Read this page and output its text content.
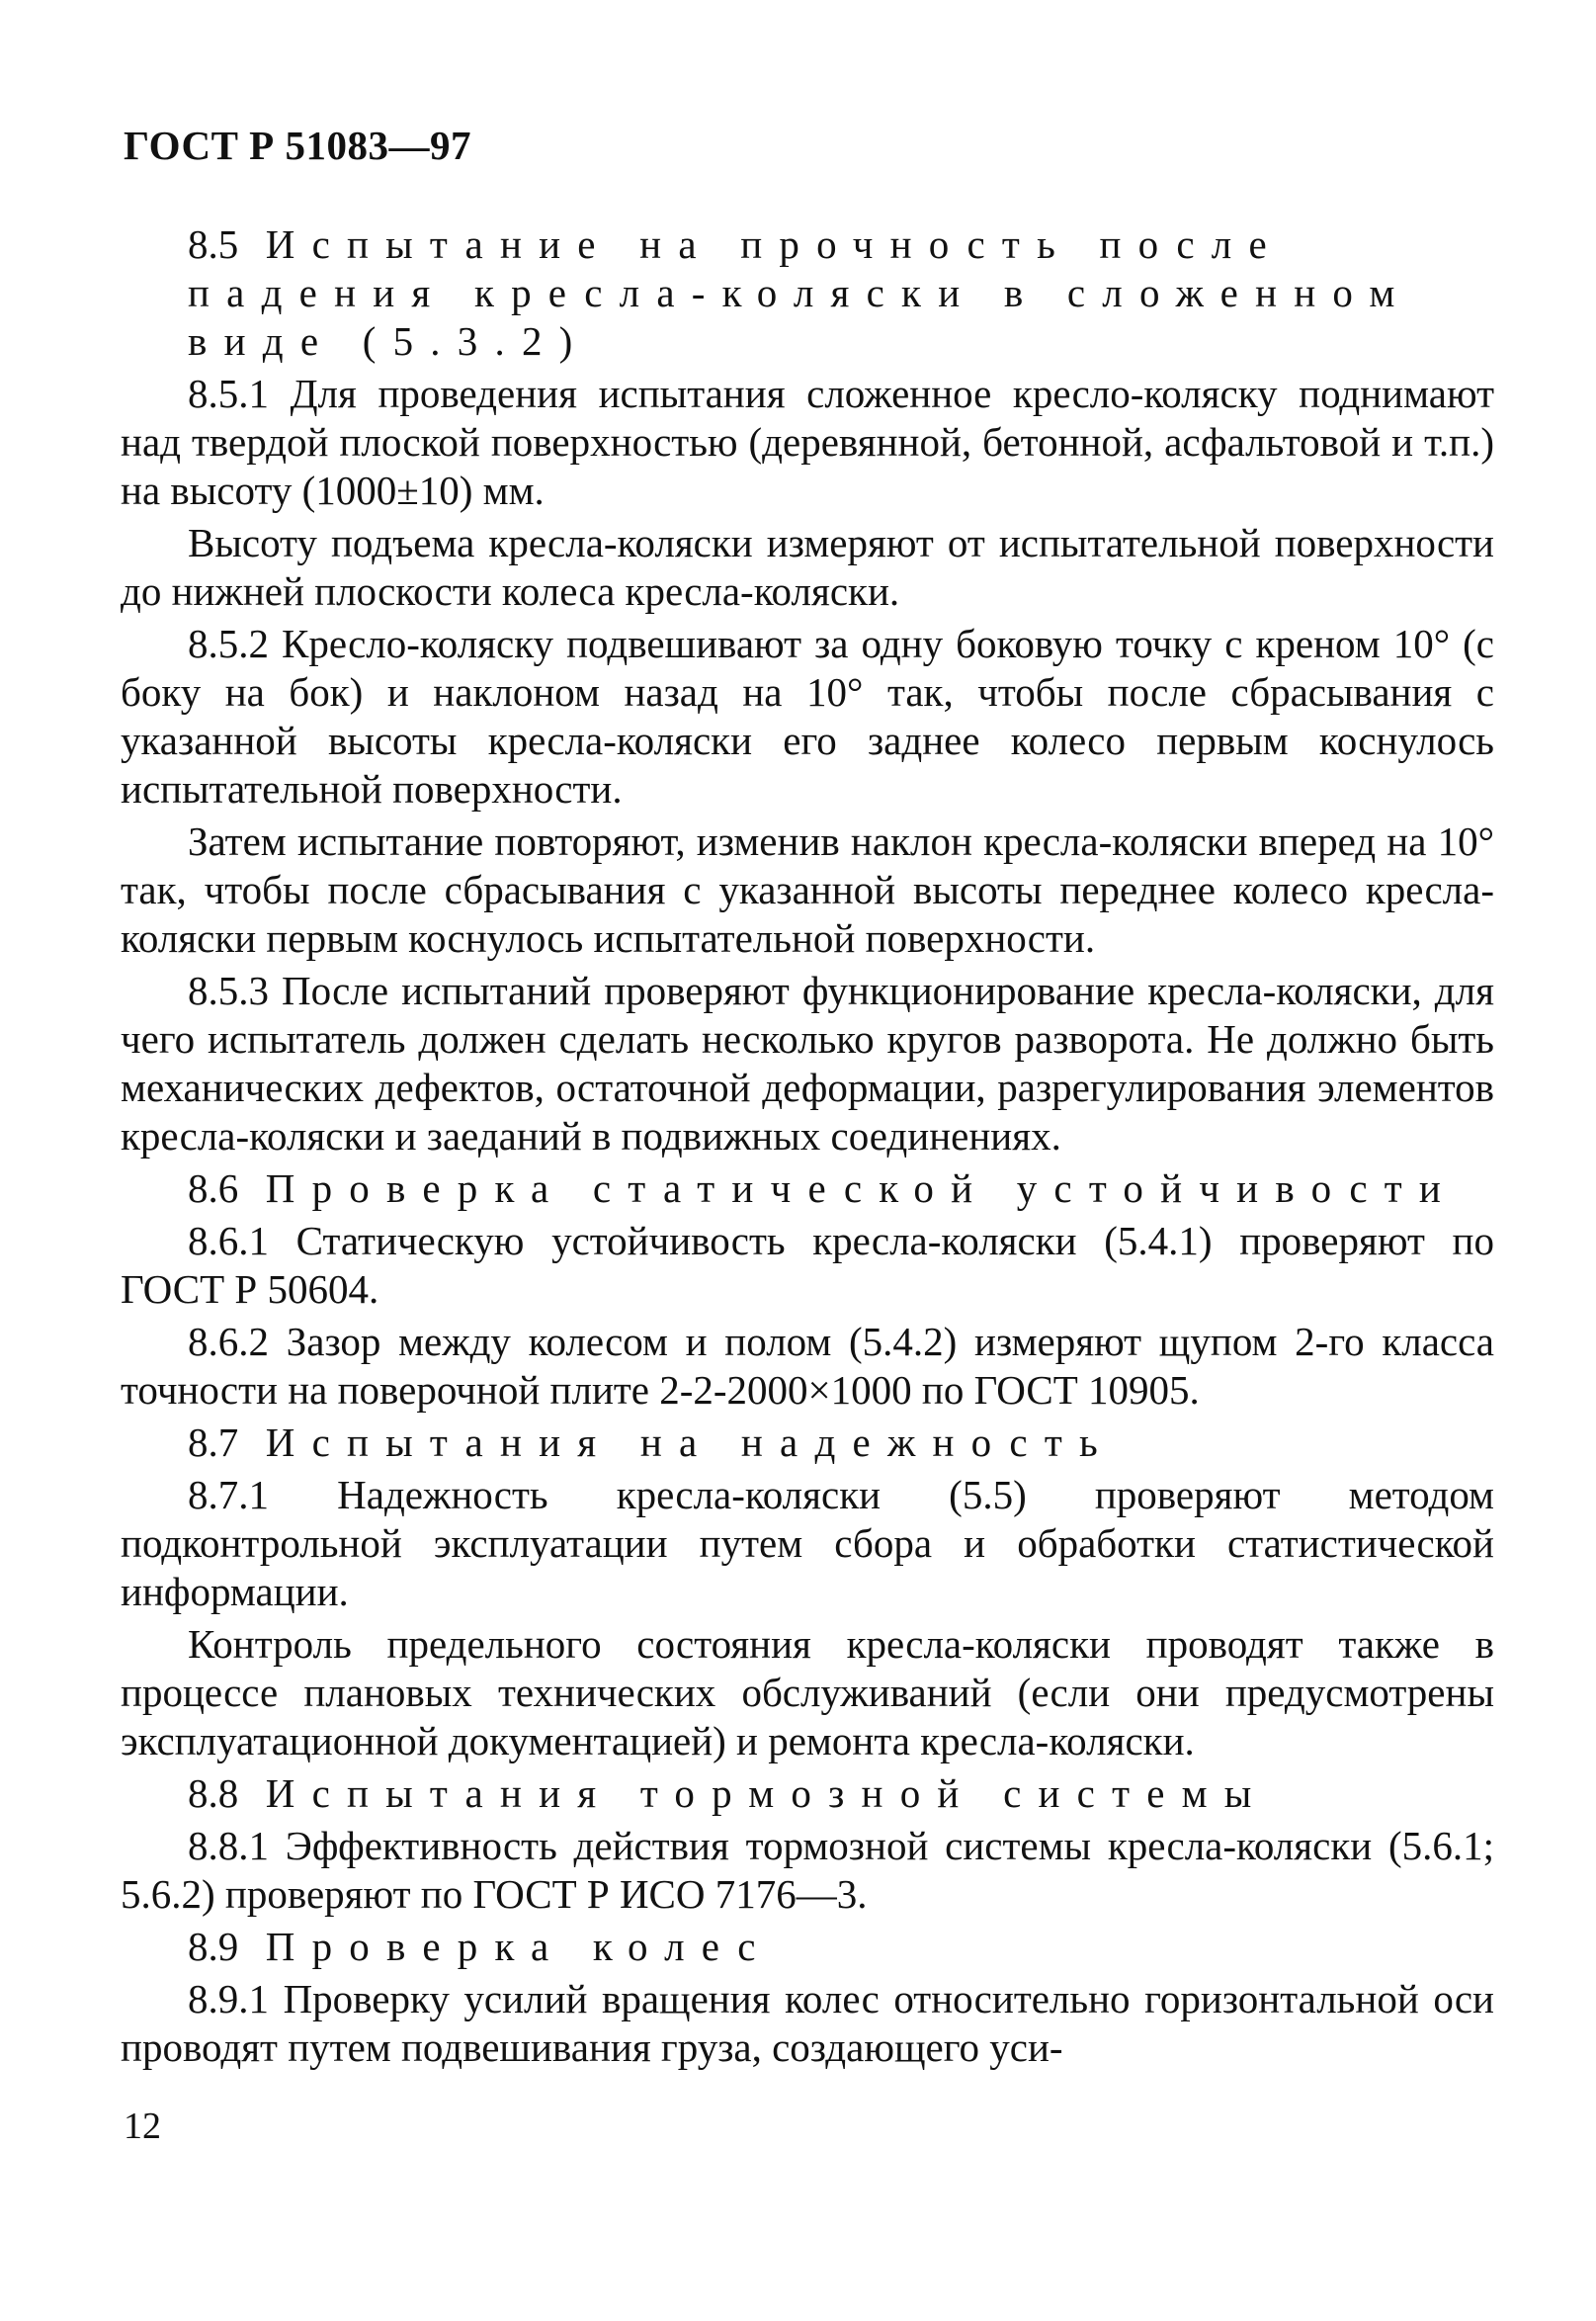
ГОСТ Р 51083—97
8.5 Испытание на прочность после падения кресла-коляски в сложенном виде (5.3.2)

8.5.1 Для проведения испытания сложенное кресло-коляску поднимают над твердой плоской поверхностью (деревянной, бетонной, асфальтовой и т.п.) на высоту (1000±10) мм.

Высоту подъема кресла-коляски измеряют от испытательной поверхности до нижней плоскости колеса кресла-коляски.

8.5.2 Кресло-коляску подвешивают за одну боковую точку с креном 10° (с боку на бок) и наклоном назад на 10° так, чтобы после сбрасывания с указанной высоты кресла-коляски его заднее колесо первым коснулось испытательной поверхности.

Затем испытание повторяют, изменив наклон кресла-коляски вперед на 10° так, чтобы после сбрасывания с указанной высоты переднее колесо кресла-коляски первым коснулось испытательной поверхности.

8.5.3 После испытаний проверяют функционирование кресла-коляски, для чего испытатель должен сделать несколько кругов разворота. Не должно быть механических дефектов, остаточной деформации, разрегулирования элементов кресла-коляски и заеданий в подвижных соединениях.

8.6 Проверка статической устойчивости

8.6.1 Статическую устойчивость кресла-коляски (5.4.1) проверяют по ГОСТ Р 50604.

8.6.2 Зазор между колесом и полом (5.4.2) измеряют щупом 2-го класса точности на поверочной плите 2-2-2000×1000 по ГОСТ 10905.

8.7 Испытания на надежность

8.7.1 Надежность кресла-коляски (5.5) проверяют методом подконтрольной эксплуатации путем сбора и обработки статистической информации.

Контроль предельного состояния кресла-коляски проводят также в процессе плановых технических обслуживаний (если они предусмотрены эксплуатационной документацией) и ремонта кресла-коляски.

8.8 Испытания тормозной системы

8.8.1 Эффективность действия тормозной системы кресла-коляски (5.6.1; 5.6.2) проверяют по ГОСТ Р ИСО 7176—3.

8.9 Проверка колес

8.9.1 Проверку усилий вращения колес относительно горизонтальной оси проводят путем подвешивания груза, создающего уси-

12
